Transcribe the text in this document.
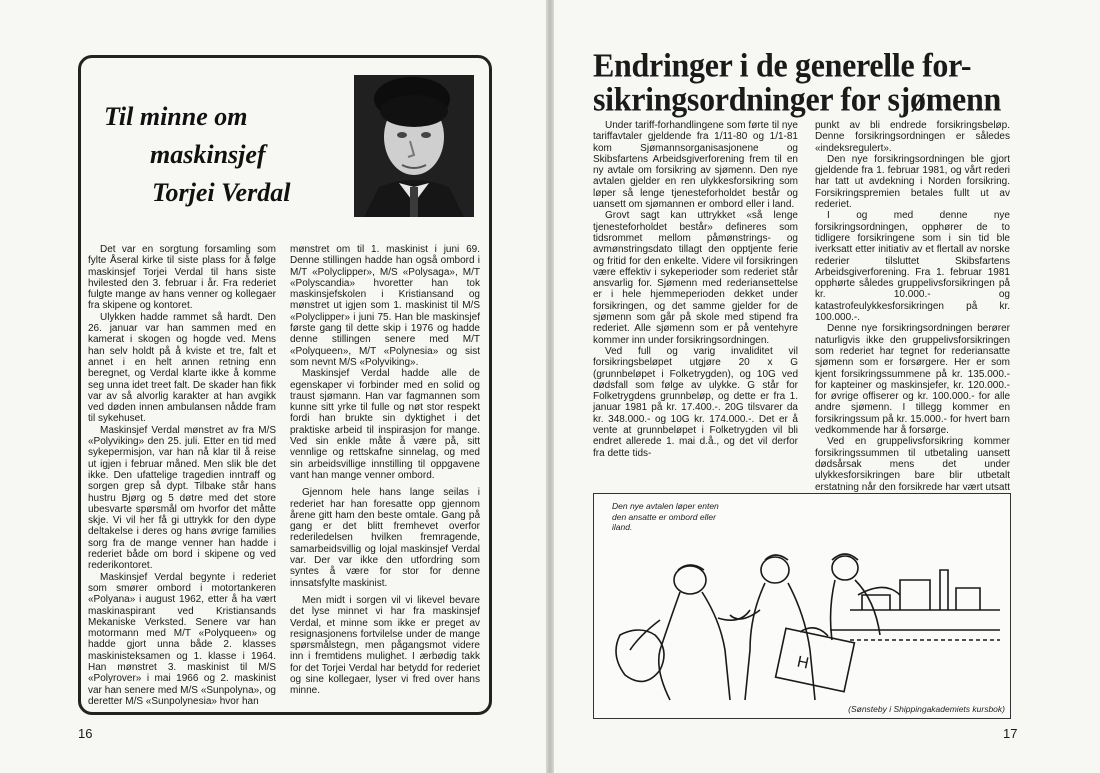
Til minne om
maskinsjef
Torjei Verdal

Det var en sorgtung forsamling som fylte Åseral kirke til siste plass for å følge maskinsjef Torjei Verdal til hans siste hvilested den 3. februar i år. Fra rederiet fulgte mange av hans venner og kollegaer fra skipene og kontoret.

Ulykken hadde rammet så hardt. Den 26. januar var han sammen med en kamerat i skogen og hogde ved. Mens han selv holdt på å kviste et tre, falt et annet i en helt annen retning enn beregnet, og Verdal klarte ikke å komme seg unna idet treet falt. De skader han fikk var av så alvorlig karakter at han avgikk ved døden innen ambulansen nådde fram til sykehuset.

Maskinsjef Verdal mønstret av fra M/S «Polyviking» den 25. juli. Etter en tid med sykepermisjon, var han nå klar til å reise ut igjen i februar måned. Men slik ble det ikke. Den ufattelige tragedien inntraff og sorgen grep så dypt. Tilbake står hans hustru Bjørg og 5 døtre med det store ubesvarte spørsmål om hvorfor det måtte skje. Vi vil her få gi uttrykk for den dype deltakelse i deres og hans øvrige families sorg fra de mange venner han hadde i rederiet både om bord i skipene og ved rederikontoret.

Maskinsjef Verdal begynte i rederiet som smører ombord i motortankeren «Polyana» i august 1962, etter å ha vært maskinaspirant ved Kristiansands Mekaniske Verksted. Senere var han motormann med M/T «Polyqueen» og hadde gjort unna både 2. klasses maskinisteksamen og 1. klasse i 1964. Han mønstret 3. maskinist til M/S «Polyrover» i mai 1966 og 2. maskinist var han senere med M/S «Sunpolyna», og deretter M/S «Sunpolynesia» hvor han

mønstret om til 1. maskinist i juni 69. Denne stillingen hadde han også ombord i M/T «Polyclipper», M/S «Polysaga», M/T «Polyscandia» hvoretter han tok maskinsjefskolen i Kristiansand og mønstret ut igjen som 1. maskinist til M/S «Polyclipper» i juni 75. Han ble maskinsjef første gang til dette skip i 1976 og hadde denne stillingen senere med M/T «Polyqueen», M/T «Polynesia» og sist som nevnt M/S «Polyviking».

Maskinsjef Verdal hadde alle de egenskaper vi forbinder med en solid og traust sjømann. Han var fagmannen som kunne sitt yrke til fulle og nøt stor respekt fordi han brukte sin dyktighet i det praktiske arbeid til inspirasjon for mange. Ved sin enkle måte å være på, sitt vennlige og rettskafne sinnelag, og med sin arbeidsvillige innstilling til oppgavene vant han mange venner ombord.

Gjennom hele hans lange seilas i rederiet har han foresatte opp gjennom årene gitt ham den beste omtale. Gang på gang er det blitt fremhevet overfor rederiledelsen hvilken fremragende, samarbeidsvillig og lojal maskinsjef Verdal var. Der var ikke den utfordring som syntes å være for stor for denne innsatsfylte maskinist.

Men midt i sorgen vil vi likevel bevare det lyse minnet vi har fra maskinsjef Verdal, et minne som ikke er preget av resignasjonens fortvilelse under de mange spørsmålstegn, men pågangsmot videre inn i fremtidens mulighet. I ærbødig takk for det Torjei Verdal har betydd for rederiet og sine kollegaer, lyser vi fred over hans minne.

16
Endringer i de generelle for-
sikringsordninger for sjømenn

Under tariff-forhandlingene som førte til nye tariffavtaler gjeldende fra 1/11-80 og 1/1-81 kom Sjømannsorganisasjonene og Skibsfartens Arbeidsgiverforening frem til en ny avtale om forsikring av sjømenn. Den nye avtalen gjelder en ren ulykkesforsikring som løper så lenge tjenesteforholdet består og uansett om sjømannen er ombord eller i land.

Grovt sagt kan uttrykket «så lenge tjenesteforholdet består» defineres som tidsrommet mellom påmønstrings- og avmønstringsdato tillagt den opptjente ferie og fritid for den enkelte. Videre vil forsikringen være effektiv i sykeperioder som rederiet står ansvarlig for. Sjømenn med rederiansettelse er i hele hjemmeperioden dekket under forsikringen, og det samme gjelder for de sjømenn som går på skole med stipend fra rederiet. Alle sjømenn som er på ventehyre kommer inn under forsikringsordningen.

Ved full og varig invaliditet vil forsikringsbeløpet utgjøre 20 x G (grunnbeløpet i Folketrygden), og 10G ved dødsfall som følge av ulykke. G står for Folketrygdens grunnbeløp, og dette er fra 1. januar 1981 på kr. 17.400.-. 20G tilsvarer da kr. 348.000.- og 10G kr. 174.000.-. Det er å vente at grunnbeløpet i Folketrygden vil bli endret allerede 1. mai d.å., og det vil derfor fra dette tids-

punkt av bli endrede forsikringsbeløp. Denne forsikringsordningen er således «indeksregulert».

Den nye forsikringsordningen ble gjort gjeldende fra 1. februar 1981, og vårt rederi har tatt ut avdekning i Norden forsikring. Forsikringspremien betales fullt ut av rederiet.

I og med denne nye forsikringsordningen, opphører de to tidligere forsikringene som i sin tid ble iverksatt etter initiativ av et flertall av norske rederier tilsluttet Skibsfartens Arbeidsgiverforening. Fra 1. februar 1981 opphørte således gruppelivsforsikringen på kr. 10.000.- og katastrofeulykkesforsikringen på kr. 100.000.-.

Denne nye forsikringsordningen berører naturligvis ikke den gruppelivsforsikringen som rederiet har tegnet for rederiansatte sjømenn som er forsørgere. Her er som kjent forsikringssummene på kr. 135.000.- for kapteiner og maskinsjefer, kr. 120.000.- for øvrige offiserer og kr. 100.000.- for alle andre sjømenn. I tillegg kommer en forsikringssum på kr. 15.000.- for hvert barn vedkommende har å forsørge.

Ved en gruppelivsforsikring kommer forsikringssummen til utbetaling uansett dødsårsak mens det under ulykkesforsikringen bare blir utbetalt erstatning når den forsikrede har vært utsatt

Den nye avtalen løper enten den ansatte er ombord eller iland.
H
(Sønsteby i Shippingakademiets kursbok)
17
